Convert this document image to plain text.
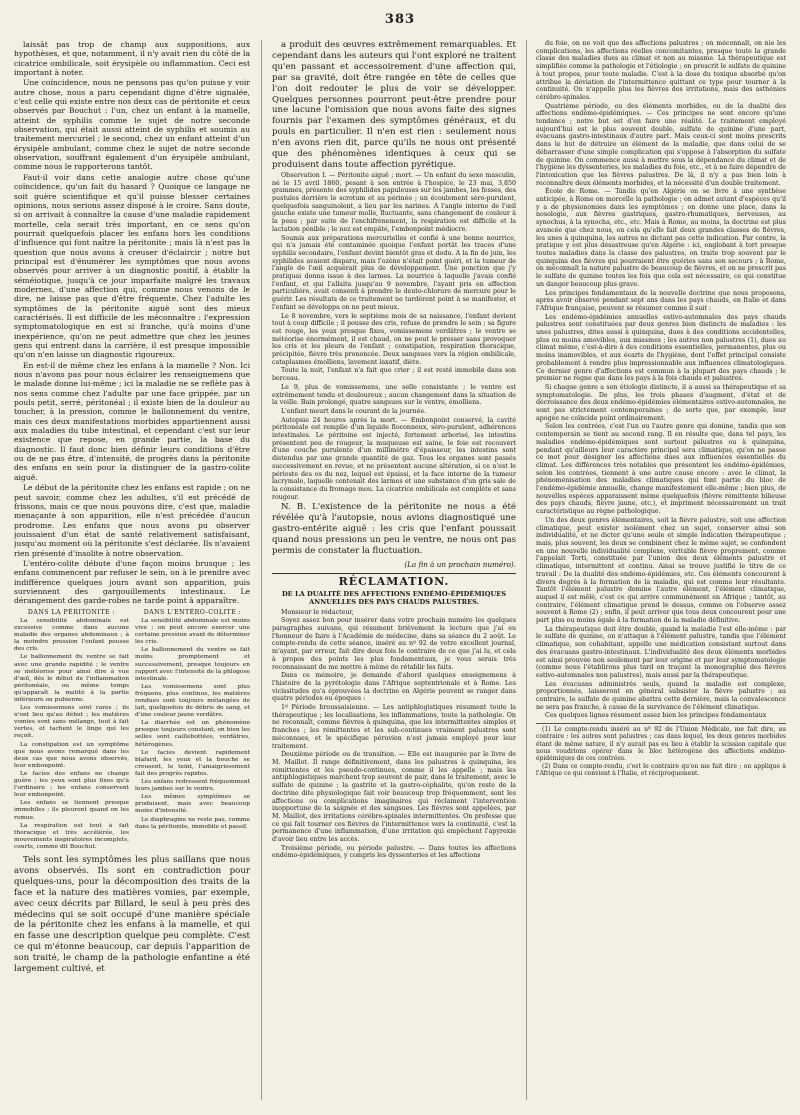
383

laissât pas trop de champ aux suppositions, aux hypothèses, et que, notamment, il n'y avait rien du côté de la cicatrice ombilicale, soit érysipèle ou inflammation. Ceci est important à noter.

Une coïncidence, nous ne pensons pas qu'on puisse y voir autre chose, nous a paru cependant digne d'être signalée, c'est celle qui existe entre nos deux cas de péritonite et ceux observés par Bouchut : l'un, chez un enfant à la mamelle, atteint de syphilis comme le sujet de notre seconde observation, qui était aussi atteint de syphilis et soumis au traitement mercuriel ; le second, chez un enfant atteint d'un érysipèle ambulant, comme chez le sujet de notre seconde observation, souffrant également d'un érysipèle ambulant, comme nous le rapporterons tantôt.

Faut-il voir dans cette analogie autre chose qu'une coïncidence, qu'un fait du hasard ? Quoique ce langage ne soit guère scientifique et qu'il puisse blesser certaines opinions, nous serions assez disposé à le croire. Sans doute, si on arrivait à connaître la cause d'une maladie rapidement mortelle, cela serait très important, en ce sens qu'on pourrait quelquefois placer les enfans hors les conditions d'influence qui font naître la péritonite ; mais là n'est pas la question que nous avons à creuser d'éclaircir ; notre but principal est d'énumérer les symptômes que nous avons observés pour arriver à un diagnostic positif, à établir la séméiotique, jusqu'à ce jour imparfaite malgré les travaux modernes, d'une affection qui, comme nous venons de le dire, ne laisse pas que d'être fréquente. Chez l'adulte les symptômes de la péritonite aiguë sont des mieux caractérisés. Il est difficile de les méconnaître : l'expression symptomatologique en est si franche, qu'à moins d'une inexpérience, qu'on ne peut admettre que chez les jeunes gens qui entrent dans la carrière, il est presque impossible qu'on n'en laisse un diagnostic rigoureux.

En est-il de même chez les enfans à la mamelle ? Non. Ici nous n'avons pas pour nous éclairer les renseignemens que le malade donne lui-même ; ici la maladie ne se reflète pas à nos sens comme chez l'adulte par une face grippée, par un pouls petit, serré, péritonéal ; il existe bien de la douleur au toucher, à la pression, comme le ballonnement du ventre, mais ces deux manifestations morbides appartiennent aussi aux maladies du tube intestinal, et cependant c'est sur leur existence que repose, en grande partie, la base du diagnostic. Il faut donc bien définir leurs conditions d'être ou de ne pas être, d'intensité, de progrès dans la péritonite des enfans en sein pour la distinguer de la gastro-colite aiguë.

Le début de la péritonite chez les enfans est rapide ; on ne peut savoir, comme chez les adultes, s'il est précédé de frissons, mais ce que nous pouvons dire, c'est que, maladie menaçante à son apparition, elle n'est précédée d'aucun prodrome. Les enfans que nous avons pu observer jouissaient d'un état de santé relativement satisfaisant, jusqu'au moment où la péritonite s'est déclarée. Ils n'avaient rien présenté d'insolite à notre observation.

L'entéro-colite débute d'une façon moins brusque ; les enfans commencent par refuser le sein, on à le prendre avec indifférence quelques jours avant son apparition, puis surviennent des gargouillements intestinaux. Le dérangement des garde-robes ne tarde point à apparaître.

DANS LA PÉRITONITE :

La sensibilité abdominale est excessive comme dans aucune maladie des organes abdominaux ; à la moindre pression l'enfant pousse des cris.

Le ballonnement du ventre se fait avec une grande rapidité ; le ventre se météorise pour ainsi dire à vue d'œil, dès le début de l'inflammation péritonéale, ou même temps qu'apparaît la matité à la partie inférieure ou pubienne.

Les vomissemens sont rares ; ils n'ont lieu qu'au début ; les matières vomies sont sans mélange, tout à fait vertes, et tachent le linge qui les reçoit.

La constipation est un symptôme que nous avons remarqué dans les deux cas que nous avons observés, leur embonpoint.

Le facies des enfans ne change guère ; les yeux sont plus fixes qu'à l'ordinaire ; les enfans conservent leur embonpoint.

Les enfans se tiennent presque immobiles ; ils pleurent quand on les remue.

La respiration est tout à fait thoracique et très accélérée, les mouvements inspiratoires incomplets, courts, comme dit Bouchut.

DANS L'ENTÉRO-COLITE :

La sensibilité abdominale est moins vive ; on peut encore exercer une certaine pression avant de déterminer les cris.

Le ballonnement du ventre se fait moins promptement et successivement, presque toujours en rapport avec l'intensité de la phlogose intestinale.

Les vomissemens sont plus fréquens, plus continus, les matières rendues sont toujours mélangées de lait, quelquefois de débris de sang, et d'une couleur jaune verdâtre.

La diarrhée est un phénomène presque toujours constant, on bien les selles sont caillebottées, verdâtres, hétérogènes.

Le facies devient rapidement blafard, les yeux et la bouche se creusent, le teint, l'amaigrissement fait des progrès rapides.

Les enfans redressent fréquemment leurs jambes sur le ventre.

Les mêmes symptômes se produisent, mais avec beaucoup moins d'intensité.

Le diaphragme ne reste pas, comme dans la péritonite, immobile et passif.

Tels sont les symptômes les plus saillans que nous avons observés. Ils sont en contradiction pour quelques-uns, pour la décomposition des traits de la face et la nature des matières vomies, par exemple, avec ceux décrits par Billard, le seul à peu près des médecins qui se soit occupé d'une manière spéciale de la péritonite chez les enfans à la mamelle, et qui en fasse une description quelque peu complète. C'est ce qui m'étonne beaucoup, car depuis l'apparition de son traité, le champ de la pathologie enfantine a été largement cultivé, et

a produit des œuvres extrêmement remarquables. Et cependant dans les auteurs qui l'ont exploré ne traitent qu'en passant et accessoirement d'une affection qui, par sa gravité, doit être rangée en tête de celles que l'on doit redouter le plus de voir se développer. Quelques personnes pourront peut-être prendre pour une lacune l'omission que nous avons faite des signes fournis par l'examen des symptômes généraux, et du pouls en particulier. Il n'en est rien : seulement nous n'en avons rien dit, parce qu'ils ne nous ont présenté que des phénomènes identiques à ceux qui se produisent dans toute affection pyrétique.

Observation I. — Péritonite aiguë ; mort. — Un enfant du sexe masculin, né le 15 avril 1860, pesant à son entrée à l'hospice, le 23 mai, 3,850 grammes, présente des syphilides papuleuses sur les jambes, les fesses, des pustules derrière le scrotum et au périnée ; un écoulement séro-purulent, quelquefois sanguinolent, a lieu par les narines. A l'angle interne de l'œil gauche existe une tumeur molle, fluctuante, sans changement de couleur à la peau ; par suite de l'enchifrènement, la respiration est difficile et la lactation pénible ; le nez est empâté, l'embonpoint médiocre.

Soumis aux préparations mercurielles et confié à une bonne nourrice, qui n'a jamais été contaminée quoique l'enfant portât les traces d'une syphilis secondaire, l'enfant devint bientôt gras et dodu. A la fin de juin, les syphilides avaient disparu, mais l'ozène n'était point guéri, et la tumeur de l'angle de l'œil acquérait plus de développement. Une ponction que j'y pratiquai donna issue à des larmes. La nourrice à laquelle j'avais confié l'enfant, et qui l'allaita jusqu'au 9 novembre, l'ayant pris en affection particulière, avait consenti à prendre le deuto-chlorure de mercure pour le guérir. Les résultats de ce traitement ne tardèrent point à se manifester, et l'enfant se développa on ne peut mieux.

Le 8 novembre, vers le septième mois de sa naissance, l'enfant devient tout à coup difficile ; il pousse des cris, refuse de prendre le sein ; sa figure est rouge, les yeux presque fixes, vomissemens verdâtres ; le ventre se météorise énormément, il est chaud, on ne peut le presser sans provoquer les cris et les pleurs de l'enfant ; constipation, respiration thoracique, précipitée, fièvre très prononcée. Deux sangsues vers la région ombilicale, cataplasmes émolliens, lavement laxatif, diète.

Toute la nuit, l'enfant n'a fait que crier ; il est resté immobile dans son berceau.

Le 9, plus de vomissemens, une selle consistante ; le ventre est extrêmement tendu et douloureux ; aucun changement dans la situation de la veille. Bain prolongé, quatre sangsues sur le ventre, émolliens.

L'enfant meurt dans le courant de la journée.

Autopsie 24 heures après la mort. — Embonpoint conservé, la cavité péritonéale est remplie d'un liquide floconneux, séro-purulent, adhérences intestinales. Le péritoine est injecté, fortement arborisé, les intestins présentent peu de rougeur, la muqueuse est saine, le foie est recouvert d'une couche purulente d'un millimètre d'épaisseur, les intestins sont distendus par une grande quantité de gaz. Tous les organes sont passés successivement en revue, et ne présentent aucune altération, si ce n'est le périoste des os du nez, lequel est épaissi, et la face interne de la tumeur lacrymale, laquelle contenait des larmes et une substance d'un gris sale de la consistance du fromage mou. La cicatrice ombilicale est complète et sans rougeur.

N. B. L'existence de la péritonite ne nous a été révélée qu'à l'autopsie, nous avions diagnostiqué une gastro-entérite aiguë : les cris que l'enfant poussait quand nous pressions un peu le ventre, ne nous ont pas permis de constater la fluctuation.

(La fin à un prochain numéro).
RÉCLAMATION.
DE LA DUALITÉ DES AFFECTIONS ENDÉMO-ÉPIDÉMIQUES ANNUELLES DES PAYS CHAUDS PALUSTRES.

Monsieur le rédacteur,

Soyez assez bon pour insérer dans votre prochain numéro les quelques paragraphes suivans, qui résument brièvement la lecture que j'ai eu l'honneur de faire à l'Académie de médecine, dans sa séance du 2 août. Le compte-rendu de cette séance, inséré au nº 92 de votre excellent journal, m'ayant, par erreur, fait dire deux fois le contraire de ce que j'ai lu, et cela à propos des points les plus fondamentaux, je vous serais très reconnaissant de me mettre à même de rétablir les faits.

Dans ce mémoire, je demande d'abord quelques enseignemens à l'histoire de la pyrétologie dans l'Afrique septentrionale et à Rome. Les vicissitudes qu'a éprouvées la doctrine en Algérie peuvent se ranger dans quatre périodes ou époques :

1º Période broussaisienne. — Les antiphlogistiques résument toute la thérapeutique ; les localisations, les inflammations, toute la pathologie. On ne reconnaît, comme fièvres à quinquina, que les intermittentes simples et franches ; les rémittentes et les sub-continues vraiment palustres sont méconnues, et le spécifique péruvien n'est jamais employé pour leur traitement.

Deuxième période ou de transition. — Elle est inaugurée par le livre de M. Maillot. Il range définitivement, dans les palustres à quinquina, les rémittentes et les pseudo-continues, comme il les appelle ; mais les antiphlogistiques marchent trop souvent de pair, dans le traitement, avec le sulfate de quinine ; la gastrite et la gastro-céphalite, qu'on reste de la doctrine dite physiologique fait voir beaucoup trop fréquemment, sont les affections ou complications imaginaires qui réclament l'intervention inopportune de la saignée et des sangsues. Les fièvres sont appelées, par M. Maillot, des irritations cérébro-spinales intermittentes. On professe que ce qui fait tourner ces fièvres de l'intermittence vers la continuité, c'est la permanence d'une inflammation, d'une irritation qui empêchent l'apyrexie d'avoir lieu entre les accès.

Troisième période, ou période palustre. — Dans toutes les affections endémo-épidémiques, y compris les dyssenteries et les affections

du foie, on ne voit que des affections palustres ; on méconnaît, on nie les complications, les affections réelles concomitantes, presque toute la grande classe des maladies dues au climat et non au miasme. La thérapeutique est simplifiée comme la pathologie et l'étiologie ; on prescrit le sulfate de quinine à tout propos, pour toute maladie. C'est à la dose du toxique absorbé qu'on attribue la déviation de l'intermittence quittant ce type pour tourner à la continuité. On n'appelle plus les fièvres des irritations, mais des asthénies cérébro-spinales.

Quatrième période, ou des éléments morbides, ou de la dualité des affections endémo-épidémiques. — Ces principes ne sont encore qu'une tendance ; notre but est d'en faire une réalité. Le traitement employé aujourd'hui est le plus souvent double, sulfate de quinine d'une part, évacuans gastro-intestinaux d'autre part. Mais ceux-ci sont moins prescrits dans le but de détruire un élément de la maladie, que dans celui de se débarrasser d'une simple complication qui s'oppose à l'absorption du sulfate de quinine. On commence aussi à mettre sous la dépendance du climat et de l'hygiène les dyssenteries, les maladies du foie, etc., et à ne faire dépendre de l'intoxication que les fièvres palustres. De là, il n'y a pas bien loin à reconnaître deux éléments morbides, et la nécessité d'un double traitement.

École de Rome. — Tandis qu'en Algérie on se livre à une synthèse anticipée, à Rome on morcelle la pathologie ; on admet autant d'espèces qu'il y a de physionomies dans les symptômes ; on donne une place, dans la nosologie, aux fièvres gastriques, gastro-rhumatiques, nerveuses, au synochus, à la synocha, etc., etc. Mais à Rome, au moins, la doctrine est plus avancée que chez nous, en cela qu'elle fait deux grandes classes de fièvres, les unes à quinquina, les autres ne dictant pas cette indication. Par contre, la pratique y est plus désastreuse qu'en Algérie : ici, englobant à tort presque toutes maladies dans la classe des palustres, on traite trop souvent par le quinquina des fièvres qui pourraient être guéries sans son secours ; à Rome, on méconnaît la nature palustre de beaucoup de fièvres, et on ne prescrit pas le sulfate de quinine toutes les fois que cela est nécessaire, ce qui constitue un danger beaucoup plus grave.

Les principes fondamentaux de la nouvelle doctrine que nous proposons, après avoir observé pendant sept ans dans les pays chauds, en Italie et dans l'Afrique française, peuvent se résumer comme il suit :

Les endémo-épidémies annuelles estivo-automnales des pays chauds palustres sont constituées par deux genres bien distincts de maladies : les unes palustres, dites aussi à quinquina, dues à des conditions accidentelles, plus ou moins amovibles, aux miasmes ; les autres non palustres (1), dues au climat même, c'est-à-dire à des conditions essentielles, permanentes, plus ou moins inamovibles, et aux écarts de l'hygiène, dont l'effet principal consiste probablement à rendre plus impressionnable aux influences climatologiques. Ce dernier genre d'affections est commun à la plupart des pays chauds ; le premier ne règne que dans les pays à la fois chauds et palustres.

Si chaque genre a son étiologie distincte, il a aussi sa thérapeutique et sa symptomatologie. De plus, les trois phases d'augment, d'état et de décroissance des deux endémo-épidémies élémentaires estivo-automnales, ne sont pas strictement contemporaines ; de sorte que, par exemple, leur apogée ne coïncide point ordinairement.

Selon les contrées, c'est l'un ou l'autre genre qui domine, tandis que son contemporain se tient au second rang. Il en résulte que, dans tel pays, les maladies endémo-épidémiques sont surtout palustres ou à quinquina, pendant qu'ailleurs leur caractère principal sera climatique, qu'on ne passe ce mot pour désigner les affections dues aux influences essentielles du climat. Les différences très notables que présentent les endémo-épidémies, selon les contrées, tiennent à une autre cause encore : avec le climat, la phénoménisation des maladies climatiques qui font partie du bloc de l'endémo-épidémie annuelle, change manifestement elle-même ; bien plus, de nouvelles espèces apparaissent même quelquefois (fièvre rémittente bilieuse des pays chauds, fièvre jaune, etc.), et impriment nécessairement un trait caractéristique au règne pathologique.

Un des deux genres élémentaires, soit la fièvre palustre, soit une affection climatique, peut exister isolément chez un sujet, conserver ainsi son individualité, et ne dicter qu'une seule et simple indication thérapeutique ; mais, plus souvent, les deux se combinent chez le même sujet, se confondent en une nouvelle individualité complexe, véritable fièvre proprement, comme l'appelait Torti, constituée par l'union des deux éléments palustre et climatique, intermittent et continu. Ainsi se trouve justifié le titre de ce travail : De la dualité des endémo-épidémies, etc. Ces éléments concourent à divers degrés à la formation de la maladie, qui est comme leur résultante. Tantôt l'élément palustre domine l'autre élément, l'élément climatique, auquel il est mêlé, c'est ce qui arrive communément en Afrique ; tantôt, au contraire, l'élément climatique prend le dessus, comme on l'observe assez souvent à Rome (2) ; enfin, il peut arriver que tous deux concourent pour une part plus ou moins égale à la formation de la maladie définitive.

La thérapeutique doit être double, quand la maladie l'est elle-même : par le sulfate de quinine, on n'attaque à l'élément palustre, tandis que l'élément climatique, son cohabitant, appelle une médication consistant surtout dans des évacuans gastro-intestinaux. L'individualité des deux éléments morbides est ainsi prouvée non seulement par leur origine et par leur symptomatologie (comme nous l'établirons plus tard en traçant la monographie des fièvres estivo-automnales non palustres), mais aussi par la thérapeutique.

Les évacuans administrés seuls, quand la maladie est complexe, proportionnés, laisseront en général subsister la fièvre palustre ; au contraire, le sulfate de quinine abattra cette dernière, mais la convalescence ne sera pas franche, à cause de la survivance de l'élément climatique.

Ces quelques lignes résument assez bien les principes fondamentaux

(1) Le compte-rendu inséré au nº 92 de l'Union Médicale, me fait dire, au contraire : les autres sont palustres ; cas dans lequel, les deux genres morbides étant de même nature, il n'y aurait pas eu lieu à établir la scission capitale que nous voudrions opérer dans le bloc hétérogène des affections endémo-épidémiques de ces contrées.

(2) Dans ce compte-rendu, c'est le contraire qu'on me fait dire ; on applique à l'Afrique ce qui convient à l'Italie, et réciproquement.
